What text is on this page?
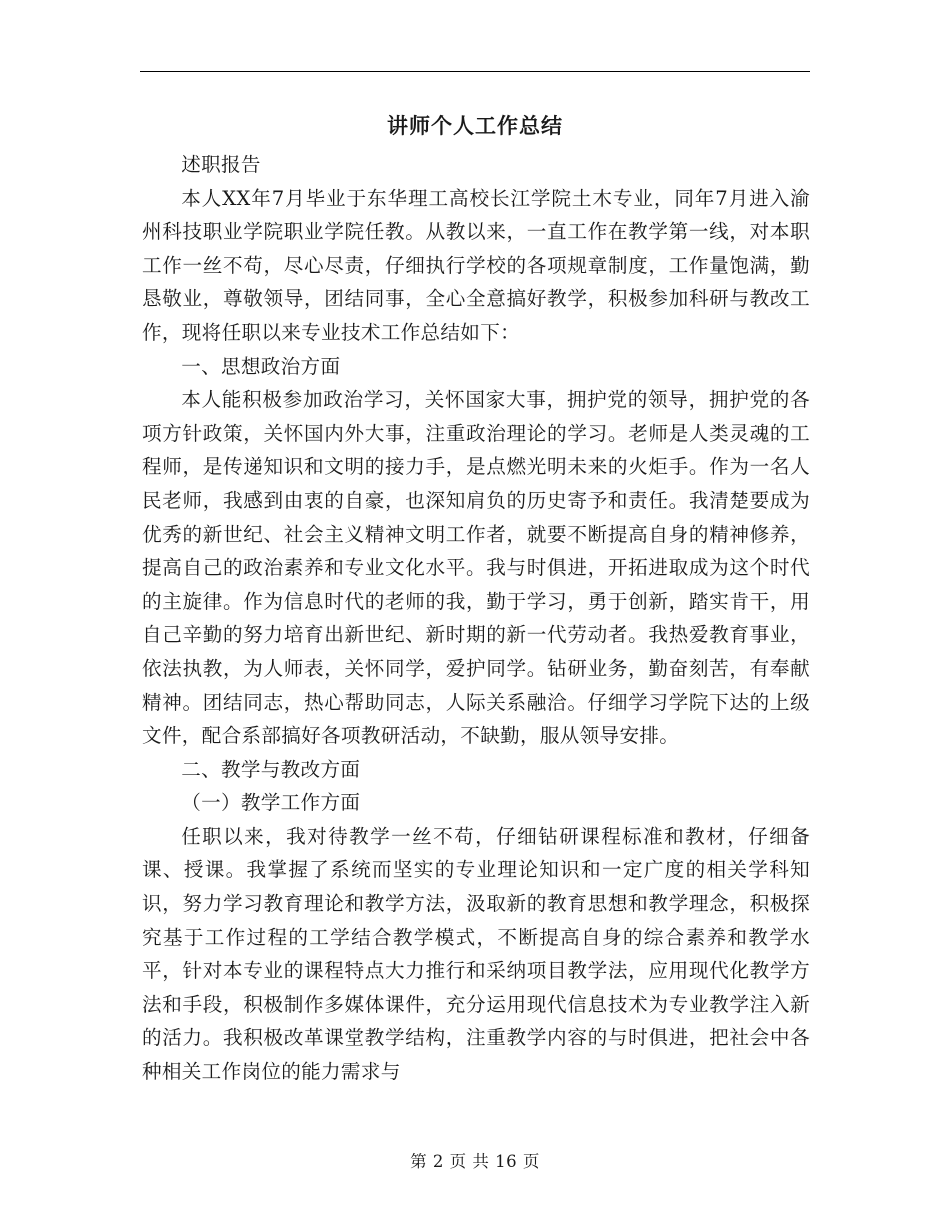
讲师个人工作总结

述职报告

本人XX年7月毕业于东华理工高校长江学院土木专业，同年7月进入渝州科技职业学院职业学院任教。从教以来，一直工作在教学第一线，对本职工作一丝不苟，尽心尽责，仔细执行学校的各项规章制度，工作量饱满，勤恳敬业，尊敬领导，团结同事，全心全意搞好教学，积极参加科研与教改工作，现将任职以来专业技术工作总结如下：

一、思想政治方面

本人能积极参加政治学习，关怀国家大事，拥护党的领导，拥护党的各项方针政策，关怀国内外大事，注重政治理论的学习。老师是人类灵魂的工程师，是传递知识和文明的接力手，是点燃光明未来的火炬手。作为一名人民老师，我感到由衷的自豪，也深知肩负的历史寄予和责任。我清楚要成为优秀的新世纪、社会主义精神文明工作者，就要不断提高自身的精神修养，提高自己的政治素养和专业文化水平。我与时俱进，开拓进取成为这个时代的主旋律。作为信息时代的老师的我，勤于学习，勇于创新，踏实肯干，用自己辛勤的努力培育出新世纪、新时期的新一代劳动者。我热爱教育事业，依法执教，为人师表，关怀同学，爱护同学。钻研业务，勤奋刻苦，有奉献精神。团结同志，热心帮助同志，人际关系融洽。仔细学习学院下达的上级文件，配合系部搞好各项教研活动，不缺勤，服从领导安排。

二、教学与教改方面

（一）教学工作方面

任职以来，我对待教学一丝不苟，仔细钻研课程标准和教材，仔细备课、授课。我掌握了系统而坚实的专业理论知识和一定广度的相关学科知识，努力学习教育理论和教学方法，汲取新的教育思想和教学理念，积极探究基于工作过程的工学结合教学模式，不断提高自身的综合素养和教学水平，针对本专业的课程特点大力推行和采纳项目教学法，应用现代化教学方法和手段，积极制作多媒体课件，充分运用现代信息技术为专业教学注入新的活力。我积极改革课堂教学结构，注重教学内容的与时俱进，把社会中各种相关工作岗位的能力需求与

第 2 页 共 16 页
